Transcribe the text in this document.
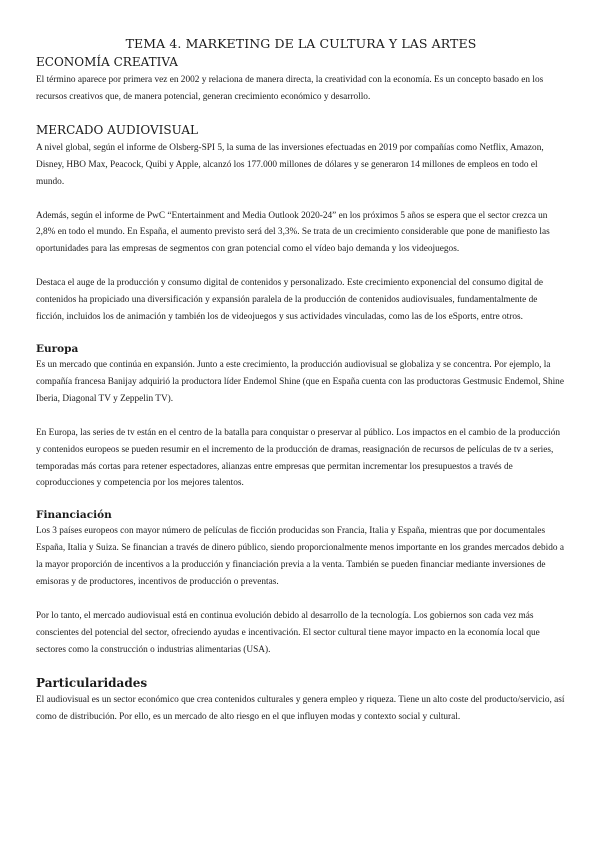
TEMA 4. MARKETING DE LA CULTURA Y LAS ARTES
ECONOMÍA CREATIVA

El término aparece por primera vez en 2002 y relaciona de manera directa, la creatividad con la economía. Es un concepto basado en los recursos creativos que, de manera potencial, generan crecimiento económico y desarrollo.

MERCADO AUDIOVISUAL

A nivel global, según el informe de Olsberg-SPI 5, la suma de las inversiones efectuadas en 2019 por compañías como Netflix, Amazon, Disney, HBO Max, Peacock, Quibi y Apple, alcanzó los 177.000 millones de dólares y se generaron 14 millones de empleos en todo el mundo.

Además, según el informe de PwC “Entertainment and Media Outlook 2020-24” en los próximos 5 años se espera que el sector crezca un 2,8% en todo el mundo. En España, el aumento previsto será del 3,3%. Se trata de un crecimiento considerable que pone de manifiesto las oportunidades para las empresas de segmentos con gran potencial como el vídeo bajo demanda y los videojuegos.

Destaca el auge de la producción y consumo digital de contenidos y personalizado. Este crecimiento exponencial del consumo digital de contenidos ha propiciado una diversificación y expansión paralela de la producción de contenidos audiovisuales, fundamentalmente de ficción, incluidos los de animación y también los de videojuegos y sus actividades vinculadas, como las de los eSports, entre otros.

Europa

Es un mercado que continúa en expansión. Junto a este crecimiento, la producción audiovisual se globaliza y se concentra. Por ejemplo, la compañía francesa Banijay adquirió la productora líder Endemol Shine (que en España cuenta con las productoras Gestmusic Endemol, Shine Iberia, Diagonal TV y Zeppelin TV).

En Europa, las series de tv están en el centro de la batalla para conquistar o preservar al público. Los impactos en el cambio de la producción y contenidos europeos se pueden resumir en el incremento de la producción de dramas, reasignación de recursos de películas de tv a series, temporadas más cortas para retener espectadores, alianzas entre empresas que permitan incrementar los presupuestos a través de coproducciones y competencia por los mejores talentos.

Financiación

Los 3 países europeos con mayor número de películas de ficción producidas son Francia, Italia y España, mientras que por documentales España, Italia y Suiza. Se financian a través de dinero público, siendo proporcionalmente menos importante en los grandes mercados debido a la mayor proporción de incentivos a la producción y financiación previa a la venta. También se pueden financiar mediante inversiones de emisoras y de productores, incentivos de producción o preventas.

Por lo tanto, el mercado audiovisual está en continua evolución debido al desarrollo de la tecnología. Los gobiernos son cada vez más conscientes del potencial del sector, ofreciendo ayudas e incentivación. El sector cultural tiene mayor impacto en la economía local que sectores como la construcción o industrias alimentarias (USA).

Particularidades

El audiovisual es un sector económico que crea contenidos culturales y genera empleo y riqueza. Tiene un alto coste del producto/servicio, así como de distribución. Por ello, es un mercado de alto riesgo en el que influyen modas y contexto social y cultural.
